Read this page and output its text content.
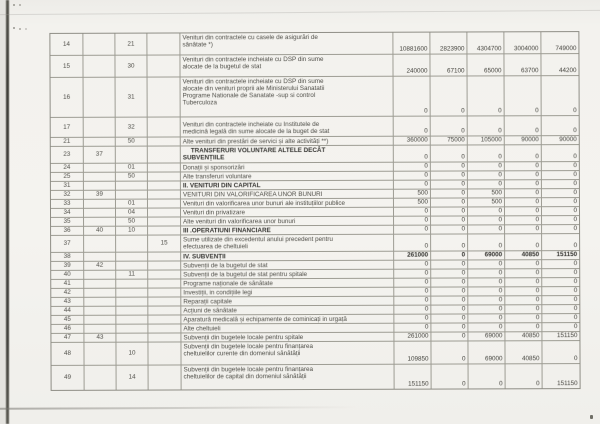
14	21
Venituri din contractele cu casele de asigurări de
sănătate *)
10881600 2823900 4304700 3004000	749000
15	30
Venituri din contractele incheiate cu DSP din sume
alocate de la bugetul de stat
240000	67100	65000	63700	44200
16	31
Venituri din contractele incheiate cu DSP din sume
alocate din venituri proprii ale Ministerului Sanatatii
Programe Nationale de Sanatate -sup si control
Tuberculoza
0	0	0	0	0
17	32	Venituri din contractele incheiate cu Institutele de
medicină legală din sume alocate de la buget de stat	0	0	0	0	0
21	50	Alte venituri din prestări de servici și alte activități **)	360000	75000	105000	90000	90000
23	37
TRANSFERURI VOLUNTARE ALTELE DECÂT
SUBVENȚIILE	0	0	0	0	0
24	01	Donații și sponsorizări	0	0	0	0	0
25	50	Alte transferuri voluntare	0	0	0	0	0
31	II. VENITURI DIN CAPITAL	0	0	0	0	0
32	39	VENITURI DIN VALORIFICAREA UNOR BUNURI	500	0	500	0	0
33	01	Venituri din valorificarea unor bunuri ale instituțiilor publice	500	0	500	0	0
34	04	Venituri din privatizare	0	0	0	0	0
35	50	Alte venituri din valorificarea unor bunuri	0	0	0	0	0
36	40	10	III .OPERATIUNI FINANCIARE	0	0	0	0	0
37	15
Sume utilizate din excedentul anului precedent pentru
efectuarea de cheltuieli	0	0	0	0	0
38	IV. SUBVENȚII	261000	0	69000	40850	151150
39	42	Subvenții de la bugetul de stat	0	0	0	0	0
40	11	Subvenții de la bugetul de stat pentru spitale	0	0	0	0	0
41	Programe naționale de sănătate	0	0	0	0	0
42	Investiții, in condițiile legi	0	0	0	0	0
43	Reparații capitale	0	0	0	0	0
44	Acțiuni de sănătate	0	0	0	0	0
45	Aparatură medicală și echipamente de cominicați in urgață	0	0	0	0	0
46	Alte cheltuieli	0	0	0	0	0
47	43	Subvenții din bugetele locale pentru spitale	261000	0	69000	40850	151150
48	10
Subvenții din bugetele locale pentru finanțarea
cheltuielilor curente din domeniul sănătății
109850	0	69000	40850	0
49	14
Subvenții din bugetele locale pentru finanțarea
cheltuielilor de capital din domeniul sănătății
151150	0	0	0	151150
